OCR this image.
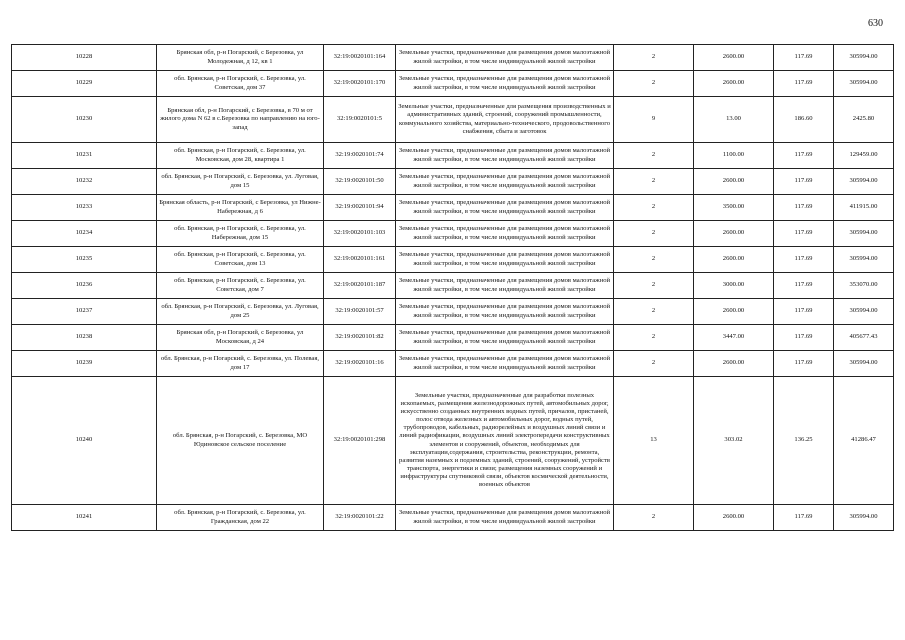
630
10228	Брянская обл, р-н Погарский, с Березовка, ул Молодежная, д 12, кв 1	32:19:0020101:164	Земельные участки, предназначенные для размещения домов малоэтажной жилой застройки, в том числе индивидуальной жилой застройки	2	2600.00	117.69	305994.00
10229	обл. Брянская, р-н Погарский, с. Березовка, ул. Советская, дом 37	32:19:0020101:170	Земельные участки, предназначенные для размещения домов малоэтажной жилой застройки, в том числе индивидуальной жилой застройки	2	2600.00	117.69	305994.00
10230	Брянская обл, р-н Погарский, с Березовка, в 70 м от жилого дома N 62 в с.Березовка по направлению на юго-запад	32:19:0020101:5	Земельные участки, предназначенные для размещения производственных и административных зданий, строений, сооружений промышленности, коммунального хозяйства, материально-технического, продовольственного снабжения, сбыта и заготовок	9	13.00	186.60	2425.80
10231	обл. Брянская, р-н Погарский, с. Березовка, ул. Московская, дом 28, квартира 1	32:19:0020101:74	Земельные участки, предназначенные для размещения домов малоэтажной жилой застройки, в том числе индивидуальной жилой застройки	2	1100.00	117.69	129459.00
10232	обл. Брянская, р-н Погарский, с. Березовка, ул. Луговая, дом 15	32:19:0020101:50	Земельные участки, предназначенные для размещения домов малоэтажной жилой застройки, в том числе индивидуальной жилой застройки	2	2600.00	117.69	305994.00
10233	Брянская область, р-н Погарский, с Березовка, ул Нижне-Набережная, д 6	32:19:0020101:94	Земельные участки, предназначенные для размещения домов малоэтажной жилой застройки, в том числе индивидуальной жилой застройки	2	3500.00	117.69	411915.00
10234	обл. Брянская, р-н Погарский, с. Березовка, ул. Набережная, дом 15	32:19:0020101:103	Земельные участки, предназначенные для размещения домов малоэтажной жилой застройки, в том числе индивидуальной жилой застройки	2	2600.00	117.69	305994.00
10235	обл. Брянская, р-н Погарский, с. Березовка, ул. Советская, дом 13	32:19:0020101:161	Земельные участки, предназначенные для размещения домов малоэтажной жилой застройки, в том числе индивидуальной жилой застройки	2	2600.00	117.69	305994.00
10236	обл. Брянская, р-н Погарский, с. Березовка, ул. Советская, дом 7	32:19:0020101:187	Земельные участки, предназначенные для размещения домов малоэтажной жилой застройки, в том числе индивидуальной жилой застройки	2	3000.00	117.69	353070.00
10237	обл. Брянская, р-н Погарский, с. Березовка, ул. Луговая, дом 25	32:19:0020101:57	Земельные участки, предназначенные для размещения домов малоэтажной жилой застройки, в том числе индивидуальной жилой застройки	2	2600.00	117.69	305994.00
10238	Брянская обл, р-н Погарский, с Березовка, ул Московская, д 24	32:19:0020101:82	Земельные участки, предназначенные для размещения домов малоэтажной жилой застройки, в том числе индивидуальной жилой застройки	2	3447.00	117.69	405677.43
10239	обл. Брянская, р-н Погарский, с. Березовка, ул. Полевая, дом 17	32:19:0020101:16	Земельные участки, предназначенные для размещения домов малоэтажной жилой застройки, в том числе индивидуальной жилой застройки	2	2600.00	117.69	305994.00
10240	обл. Брянская, р-н Погарский, с. Березовка, МО Юдиновское сельское поселение	32:19:0020101:298	Земельные участки, предназначенные для разработки полезных ископаемых, размещения железнодорожных путей, автомобильных дорог, искусственно созданных внутренних водных путей, причалов, пристаней, полос отвода железных и автомобильных дорог, водных путей, трубопроводов, кабельных, радиорелейных и воздушных линий связи и линий радиофикации, воздушных линий электропередачи конструктивных элементов и сооружений, объектов, необходимых для эксплуатации,содержания, строительства, реконструкции, ремонта, развития наземных и подземных зданий, строений, сооружений, устройств транспорта, энергетики и связи; размещения наземных сооружений и инфраструктуры спутниковой связи, объектов космической деятельности, военных объектов	13	303.02	136.25	41286.47
10241	обл. Брянская, р-н Погарский, с. Березовка, ул. Гражданская, дом 22	32:19:0020101:22	Земельные участки, предназначенные для размещения домов малоэтажной жилой застройки, в том числе индивидуальной жилой застройки	2	2600.00	117.69	305994.00
